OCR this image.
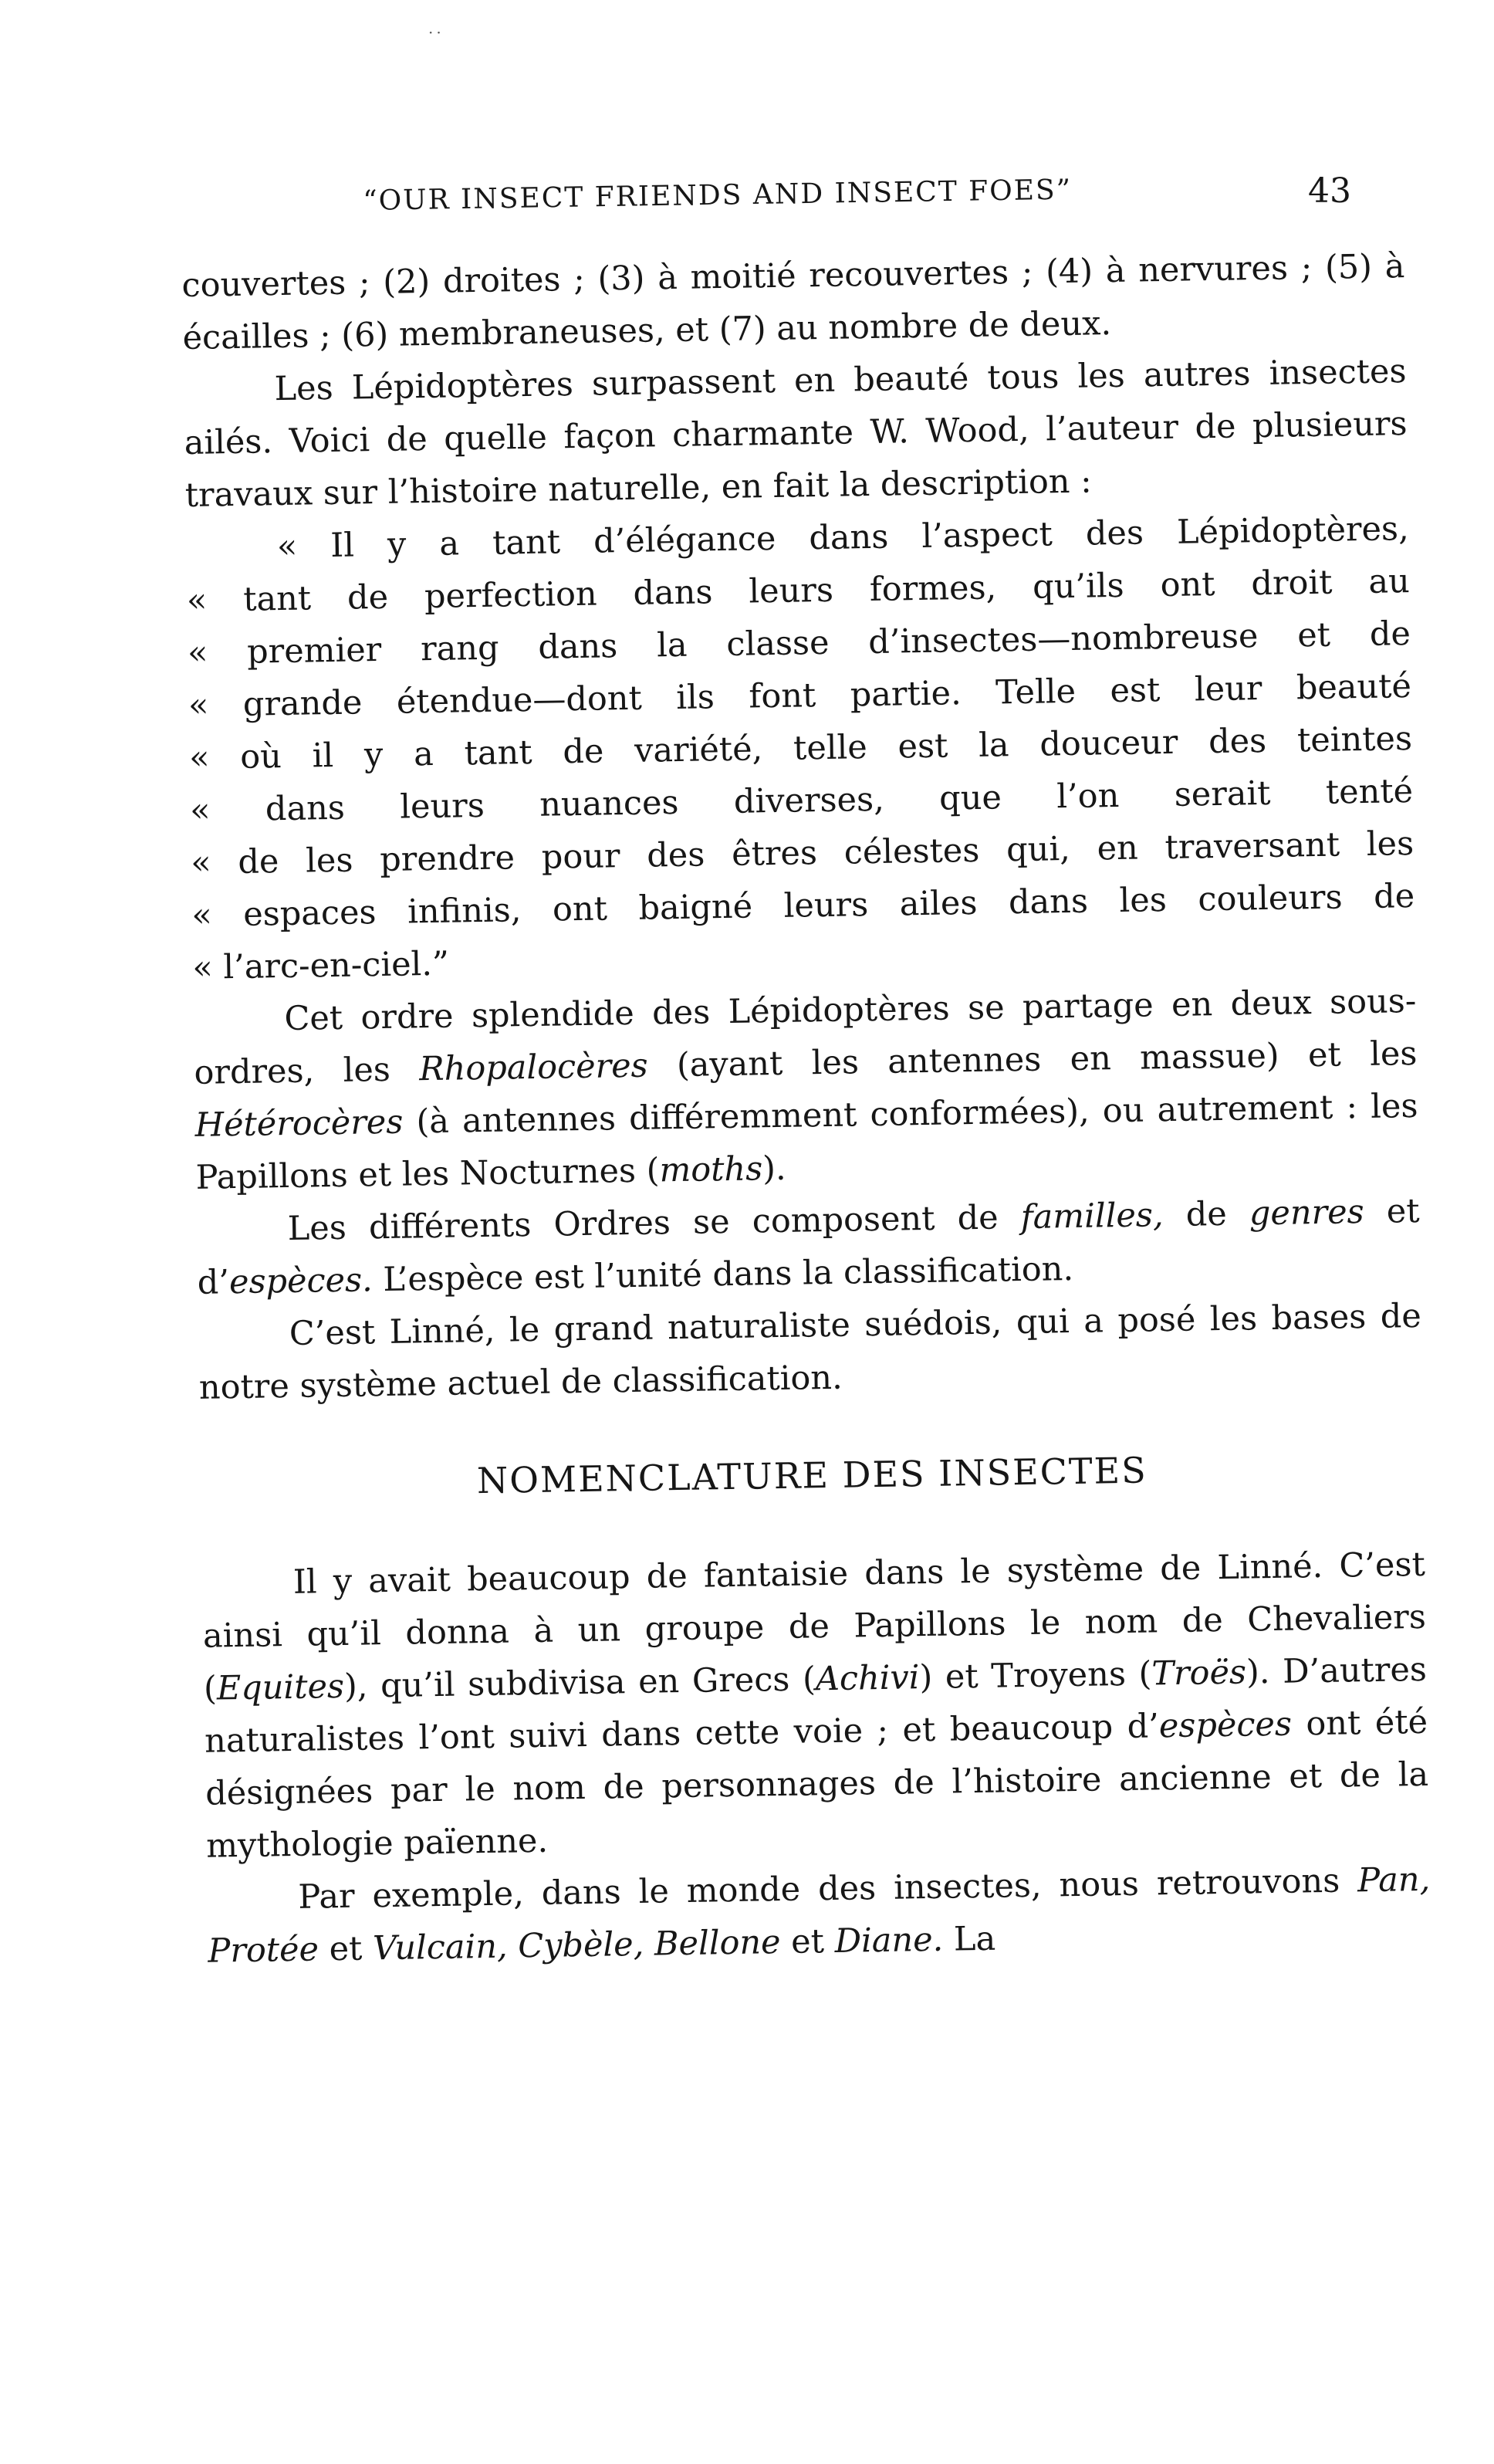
··
“OUR INSECT FRIENDS AND INSECT FOES”	43

couvertes ; (2) droites ; (3) à moitié recouvertes ; (4) à nervures ; (5) à écailles ; (6) membraneuses, et (7) au nombre de deux.

Les Lépidoptères surpassent en beauté tous les autres insectes ailés. Voici de quelle façon charmante W. Wood, l’auteur de plusieurs travaux sur l’histoire naturelle, en fait la description :

« Il y a tant d’élégance dans l’aspect des Lépidoptères,
« tant de perfection dans leurs formes, qu’ils ont droit au
« premier rang dans la classe d’insectes—nombreuse et de
« grande étendue—dont ils font partie. Telle est leur beauté
« où il y a tant de variété, telle est la douceur des teintes
« dans leurs nuances diverses, que l’on serait tenté
« de les prendre pour des êtres célestes qui, en traversant les
« espaces infinis, ont baigné leurs ailes dans les couleurs de
« l’arc-en-ciel.”

Cet ordre splendide des Lépidoptères se partage en deux sous-ordres, les Rhopalocères (ayant les antennes en massue) et les Hétérocères (à antennes différemment conformées), ou autrement : les Papillons et les Nocturnes (moths).

Les différents Ordres se composent de familles, de genres et d’espèces. L’espèce est l’unité dans la classification.

C’est Linné, le grand naturaliste suédois, qui a posé les bases de notre système actuel de classification.

NOMENCLATURE DES INSECTES

Il y avait beaucoup de fantaisie dans le système de Linné. C’est ainsi qu’il donna à un groupe de Papillons le nom de Chevaliers (Equites), qu’il subdivisa en Grecs (Achivi) et Troyens (Troës). D’autres naturalistes l’ont suivi dans cette voie ; et beaucoup d’espèces ont été désignées par le nom de personnages de l’histoire ancienne et de la mythologie païenne.

Par exemple, dans le monde des insectes, nous retrouvons Pan, Protée et Vulcain, Cybèle, Bellone et Diane. La
